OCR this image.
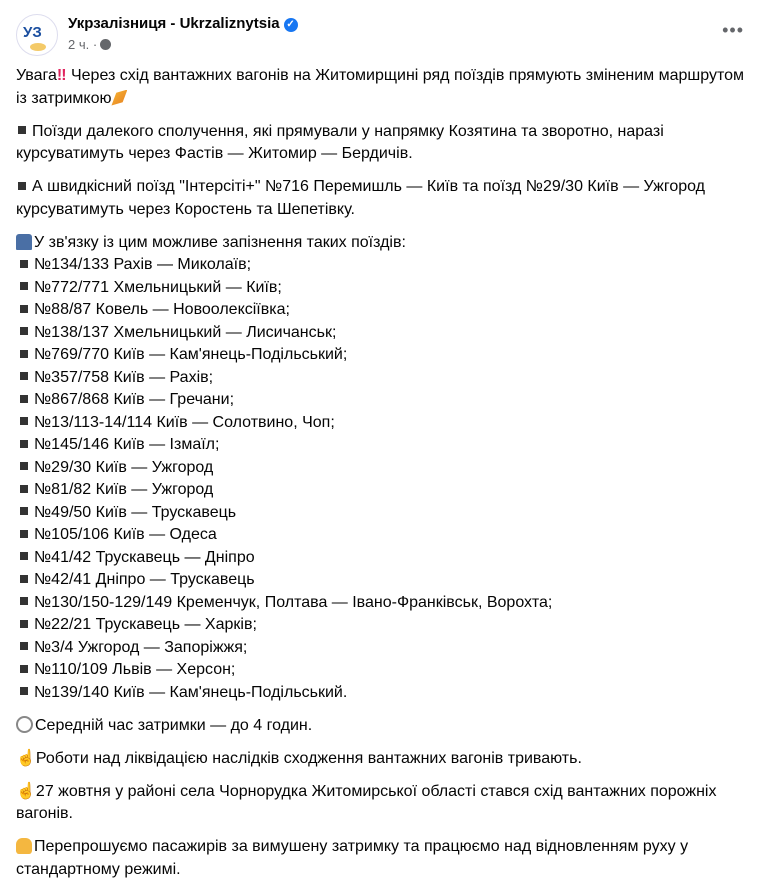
УЗ
Укрзалізниця - Ukrzaliznytsia ✓
2 ч. ·
•••

Увага‼ Через схід вантажних вагонів на Житомирщині ряд поїздів прямують зміненим маршрутом із затримкою

Поїзди далекого сполучення, які прямували у напрямку Козятина та зворотно, наразі курсуватимуть через Фастів — Житомир — Бердичів.

А швидкісний поїзд "Інтерсіті+" №716 Перемишль — Київ та поїзд №29/30 Київ — Ужгород курсуватимуть через Коростень та Шепетівку.

У зв'язку із цим можливе запізнення таких поїздів:
№134/133 Рахів — Миколаїв;
№772/771 Хмельницький — Київ;
№88/87 Ковель — Новоолексіївка;
№138/137 Хмельницький — Лисичанськ;
№769/770 Київ — Кам'янець-Подільський;
№357/758 Київ — Рахів;
№867/868 Київ — Гречани;
№13/113-14/114 Київ — Солотвино, Чоп;
№145/146 Київ — Ізмаїл;
№29/30 Київ — Ужгород
№81/82 Київ — Ужгород
№49/50 Київ — Трускавець
№105/106 Київ — Одеса
№41/42 Трускавець — Дніпро
№42/41 Дніпро — Трускавець
№130/150-129/149 Кременчук, Полтава — Івано-Франківськ, Ворохта;
№22/21 Трускавець — Харків;
№3/4 Ужгород — Запоріжжя;
№110/109 Львів — Херсон;
№139/140 Київ — Кам'янець-Подільський.

Середній час затримки — до 4 годин.

☝Роботи над ліквідацією наслідків сходження вантажних вагонів тривають.

☝27 жовтня у районі села Чорнорудка Житомирської області стався схід вантажних порожніх вагонів.

Перепрошуємо пасажирів за вимушену затримку та працюємо над відновленням руху у стандартному режимі.
